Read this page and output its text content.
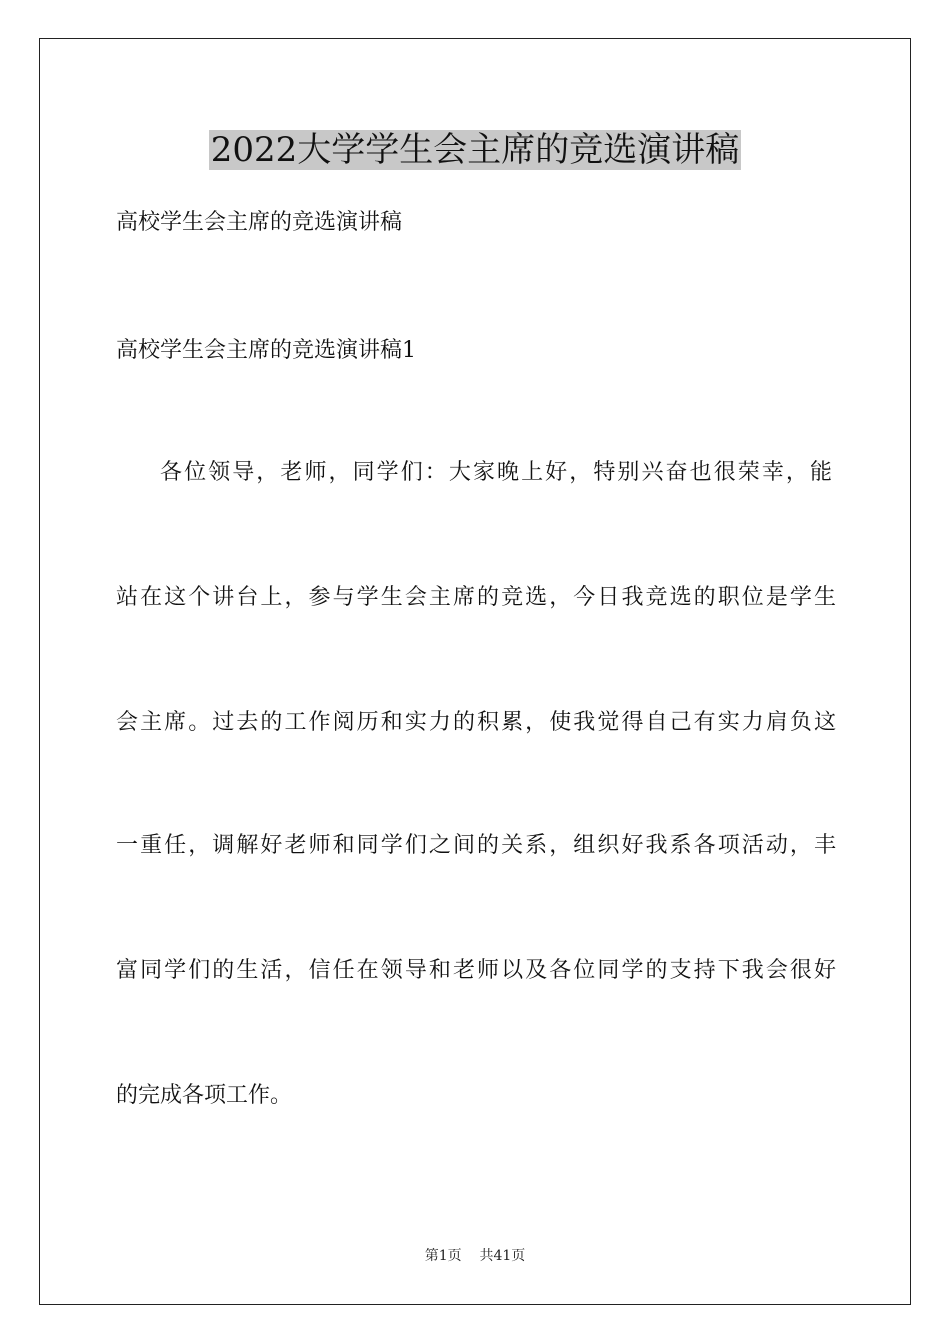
2022大学学生会主席的竞选演讲稿

高校学生会主席的竞选演讲稿

高校学生会主席的竞选演讲稿1

各位领导，老师，同学们：大家晚上好，特别兴奋也很荣幸，能

站在这个讲台上，参与学生会主席的竞选，今日我竞选的职位是学生

会主席。过去的工作阅历和实力的积累，使我觉得自己有实力肩负这

一重任，调解好老师和同学们之间的关系，组织好我系各项活动，丰

富同学们的生活，信任在领导和老师以及各位同学的支持下我会很好

的完成各项工作。

第1页 共41页
